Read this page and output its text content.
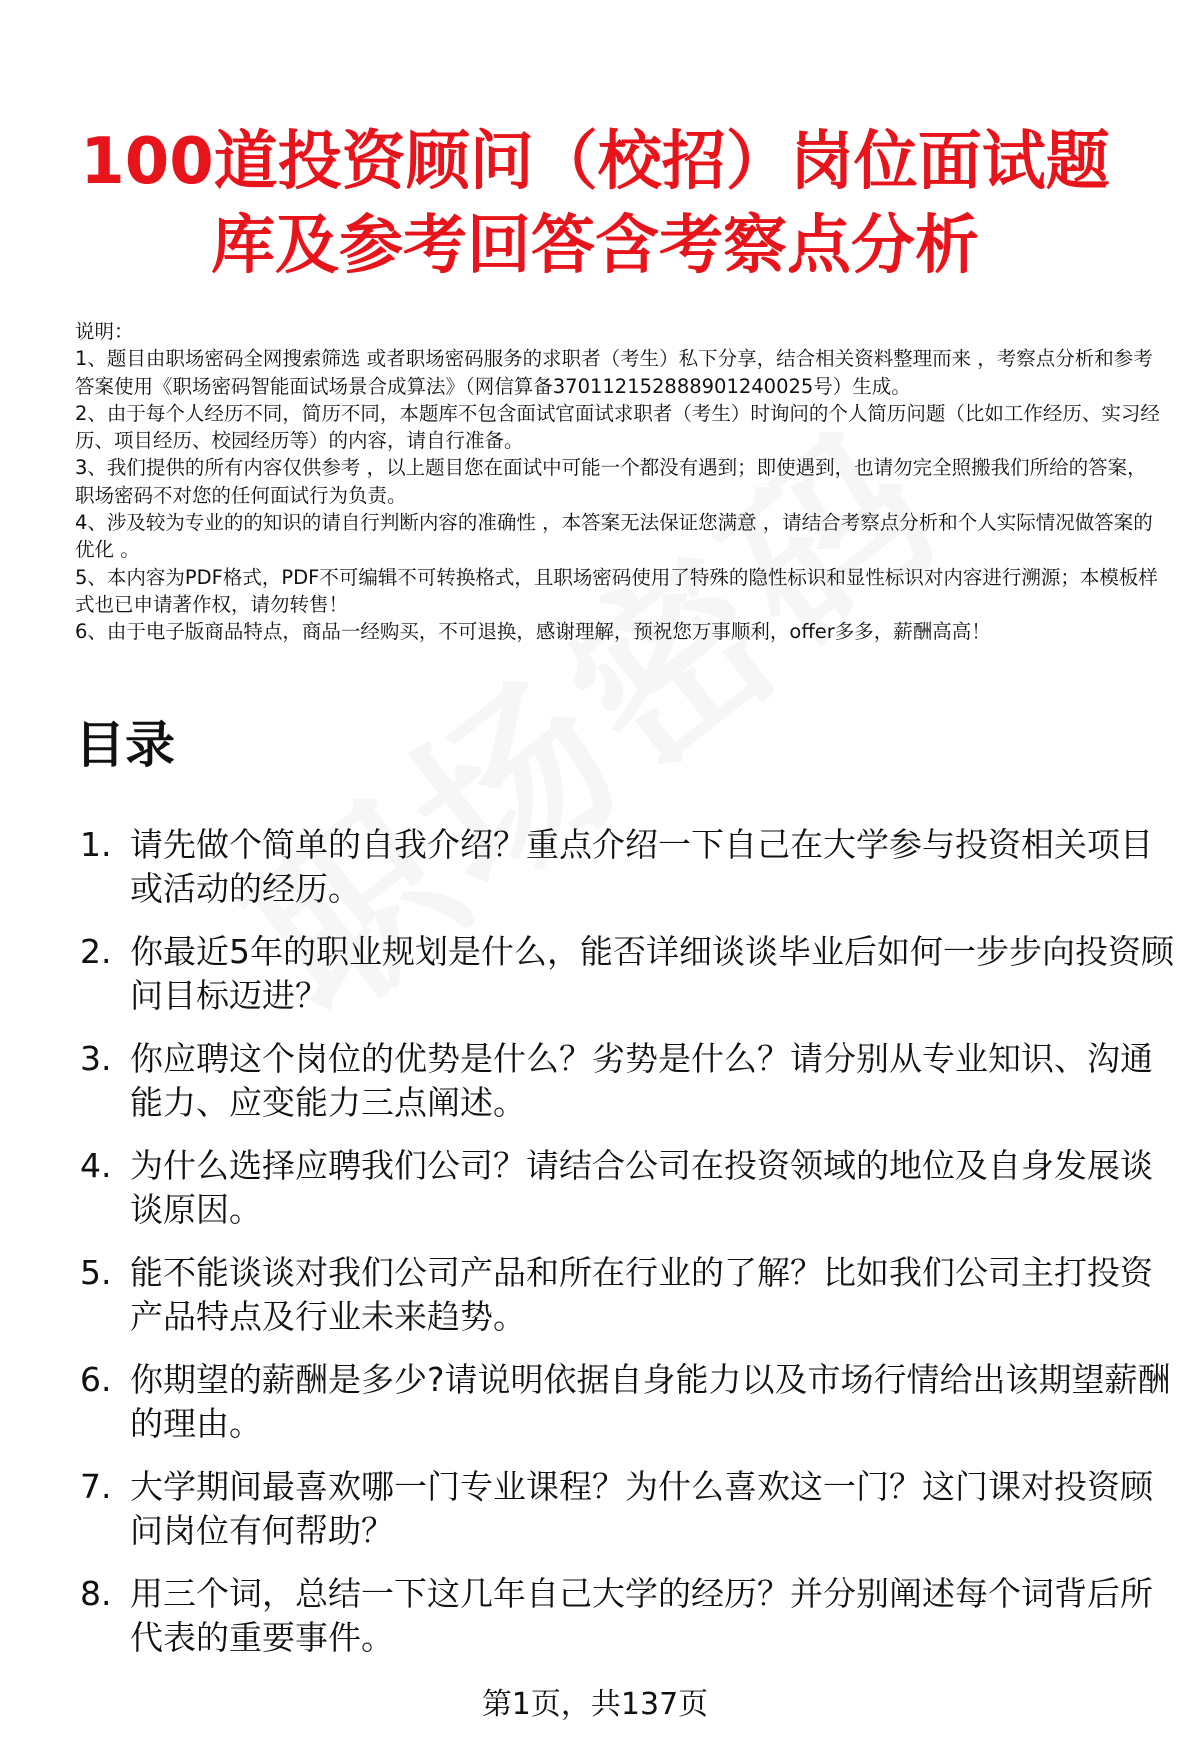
100道投资顾问（校招）岗位面试题
库及参考回答含考察点分析

说明：

1、题目由职场密码全网搜索筛选 或者职场密码服务的求职者（考生）私下分享，结合相关资料整理而来 ，考察点分析和参考答案使用《职场密码智能面试场景合成算法》（网信算备370112152888901240025号）生成。

2、由于每个人经历不同，简历不同，本题库不包含面试官面试求职者（考生）时询问的个人简历问题（比如工作经历、实习经历、项目经历、校园经历等）的内容，请自行准备。

3、我们提供的所有内容仅供参考 ，以上题目您在面试中可能一个都没有遇到；即使遇到，也请勿完全照搬我们所给的答案，职场密码不对您的任何面试行为负责。

4、涉及较为专业的的知识的请自行判断内容的准确性 ，本答案无法保证您满意 ，请结合考察点分析和个人实际情况做答案的优化 。

5、本内容为PDF格式，PDF不可编辑不可转换格式，且职场密码使用了特殊的隐性标识和显性标识对内容进行溯源；本模板样式也已申请著作权，请勿转售！

6、由于电子版商品特点，商品一经购买，不可退换，感谢理解，预祝您万事顺利，offer多多，薪酬高高！

目录
1. 请先做个简单的自我介绍？重点介绍一下自己在大学参与投资相关项目或活动的经历。
2. 你最近5年的职业规划是什么，能否详细谈谈毕业后如何一步步向投资顾问目标迈进？
3. 你应聘这个岗位的优势是什么？劣势是什么？请分别从专业知识、沟通能力、应变能力三点阐述。
4. 为什么选择应聘我们公司？请结合公司在投资领域的地位及自身发展谈谈原因。
5. 能不能谈谈对我们公司产品和所在行业的了解？比如我们公司主打投资产品特点及行业未来趋势。
6. 你期望的薪酬是多少?请说明依据自身能力以及市场行情给出该期望薪酬的理由。
7. 大学期间最喜欢哪一门专业课程？为什么喜欢这一门？这门课对投资顾问岗位有何帮助？
8. 用三个词，总结一下这几年自己大学的经历？并分别阐述每个词背后所代表的重要事件。
第1页，共137页
